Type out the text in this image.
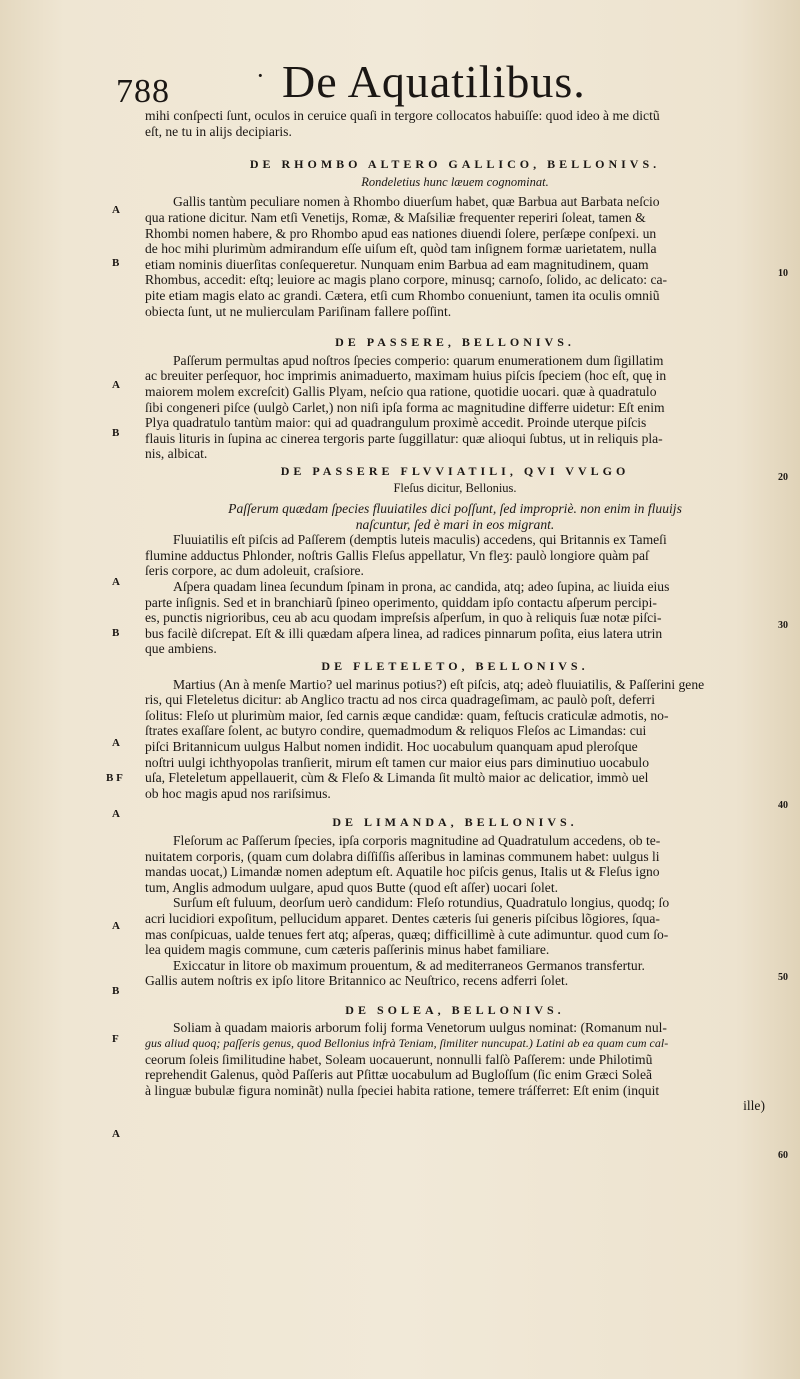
788	· De Aquatilibus.
A
B
A
B
A
B
A
B F
A
A
B
F
A
10
20
30
40
50
60
mihi conſpecti ſunt, oculos in ceruice quaſi in tergore collocatos habuiſſe: quod ideo à me dictũ
eſt, ne tu in alijs decipiaris.
DE RHOMBO ALTERO GALLICO, BELLONIVS.
Rondeletius hunc læuem cognominat.
Gallis tantùm peculiare nomen à Rhombo diuerſum habet, quæ Barbua aut Barbata neſcio
qua ratione dicitur. Nam etſi Venetijs, Romæ, & Maſsiliæ frequenter reperiri ſoleat, tamen &
Rhombi nomen habere, & pro Rhombo apud eas nationes diuendi ſolere, perſæpe conſpexi. un
de hoc mihi plurimùm admirandum eſſe uiſum eſt, quòd tam inſignem formæ uarietatem, nulla
etiam nominis diuerſitas conſequeretur. Nunquam enim Barbua ad eam magnitudinem, quam
Rhombus, accedit: eſtq; leuiore ac magis plano corpore, minusq; carnoſo, ſolido, ac delicato: ca-
pite etiam magis elato ac grandi. Cætera, etſi cum Rhombo conueniunt, tamen ita oculis omniũ
obiecta ſunt, ut ne mulierculam Pariſinam fallere poſſint.
DE PASSERE, BELLONIVS.
Paſſerum permultas apud noſtros ſpecies comperio: quarum enumerationem dum ſigillatim
ac breuiter perſequor, hoc imprimis animaduerto, maximam huius piſcis ſpeciem (hoc eſt, quę in
maiorem molem excreſcit) Gallis Plyam, neſcio qua ratione, quotidie uocari. quæ à quadratulo
ſibi congeneri piſce (uulgò Carlet,) non niſi ipſa forma ac magnitudine differre uidetur: Eſt enim
Plya quadratulo tantùm maior: qui ad quadrangulum proximè accedit. Proinde uterque piſcis
flauis lituris in ſupina ac cinerea tergoris parte ſuggillatur: quæ alioqui ſubtus, ut in reliquis pla-
nis, albicat.
DE PASSERE FLVVIATILI, QVI VVLGO
Fleſus dicitur, Bellonius.
Paſſerum quædam ſpecies fluuiatiles dici poſſunt, ſed impropriè. non enim in fluuijs
naſcuntur, ſed è mari in eos migrant.
Fluuiatilis eſt piſcis ad Paſſerem (demptis luteis maculis) accedens, qui Britannis ex Tameſi
flumine adductus Phlonder, noſtris Gallis Fleſus appellatur, Vn fleʒ: paulò longiore quàm paſ
ſeris corpore, ac dum adoleuit, craſsiore.
Aſpera quadam linea ſecundum ſpinam in prona, ac candida, atq; adeo ſupina, ac liuida eius
parte inſignis. Sed et in branchiarũ ſpineo operimento, quiddam ipſo contactu aſperum percipi-
es, punctis nigrioribus, ceu ab acu quodam impreſsis aſperſum, in quo à reliquis ſuæ notæ piſci-
bus facilè diſcrepat. Eſt & illi quædam aſpera linea, ad radices pinnarum poſita, eius latera utrin
que ambiens.
DE FLETELETO, BELLONIVS.
Martius (An à menſe Martio? uel marinus potius?) eſt piſcis, atq; adeò fluuiatilis, & Paſſerini gene
ris, qui Fleteletus dicitur: ab Anglico tractu ad nos circa quadrageſimam, ac paulò poſt, deferri
ſolitus: Fleſo ut plurimùm maior, ſed carnis æque candidæ: quam, feſtucis craticulæ admotis, no-
ſtrates exaſſare ſolent, ac butyro condire, quemadmodum & reliquos Fleſos ac Limandas: cui
piſci Britannicum uulgus Halbut nomen indidit. Hoc uocabulum quanquam apud pleroſque
noſtri uulgi ichthyopolas tranſierit, mirum eſt tamen cur maior eius pars diminutiuo uocabulo
uſa, Fleteletum appellauerit, cùm & Fleſo & Limanda ſit multò maior ac delicatior, immò uel
ob hoc magis apud nos rariſsimus.
DE LIMANDA, BELLONIVS.
Fleſorum ac Paſſerum ſpecies, ipſa corporis magnitudine ad Quadratulum accedens, ob te-
nuitatem corporis, (quam cum dolabra diſſiſſis aſſeribus in laminas communem habet: uulgus li
mandas uocat,) Limandæ nomen adeptum eſt. Aquatile hoc piſcis genus, Italis ut & Fleſus igno
tum, Anglis admodum uulgare, apud quos Butte (quod eſt aſſer) uocari ſolet.
Surſum eſt fuluum, deorſum uerò candidum: Fleſo rotundius, Quadratulo longius, quodq; ſo
acri lucidiori expoſitum, pellucidum apparet. Dentes cæteris ſui generis piſcibus lõgiores, ſqua-
mas conſpicuas, ualde tenues fert atq; aſperas, quæq; difficillimè à cute adimuntur. quod cum ſo-
lea quidem magis commune, cum cæteris paſſerinis minus habet familiare.
Exiccatur in litore ob maximum prouentum, & ad mediterraneos Germanos transfertur.
Gallis autem noſtris ex ipſo litore Britannico ac Neuſtrico, recens adferri ſolet.
DE SOLEA, BELLONIVS.
Soliam à quadam maioris arborum folij forma Venetorum uulgus nominat: (Romanum nul-
gus aliud quoq; paſſeris genus, quod Bellonius infrà Teniam, ſimiliter nuncupat.) Latini ab ea quam cum cal-
ceorum ſoleis ſimilitudine habet, Soleam uocauerunt, nonnulli falſò Paſſerem: unde Philotimũ
reprehendit Galenus, quòd Paſſeris aut Pſittæ uocabulum ad Bugloſſum (ſic enim Græci Soleã
à linguæ bubulæ figura nominãt) nulla ſpeciei habita ratione, temere tráſferret: Eſt enim (inquit
ille)
